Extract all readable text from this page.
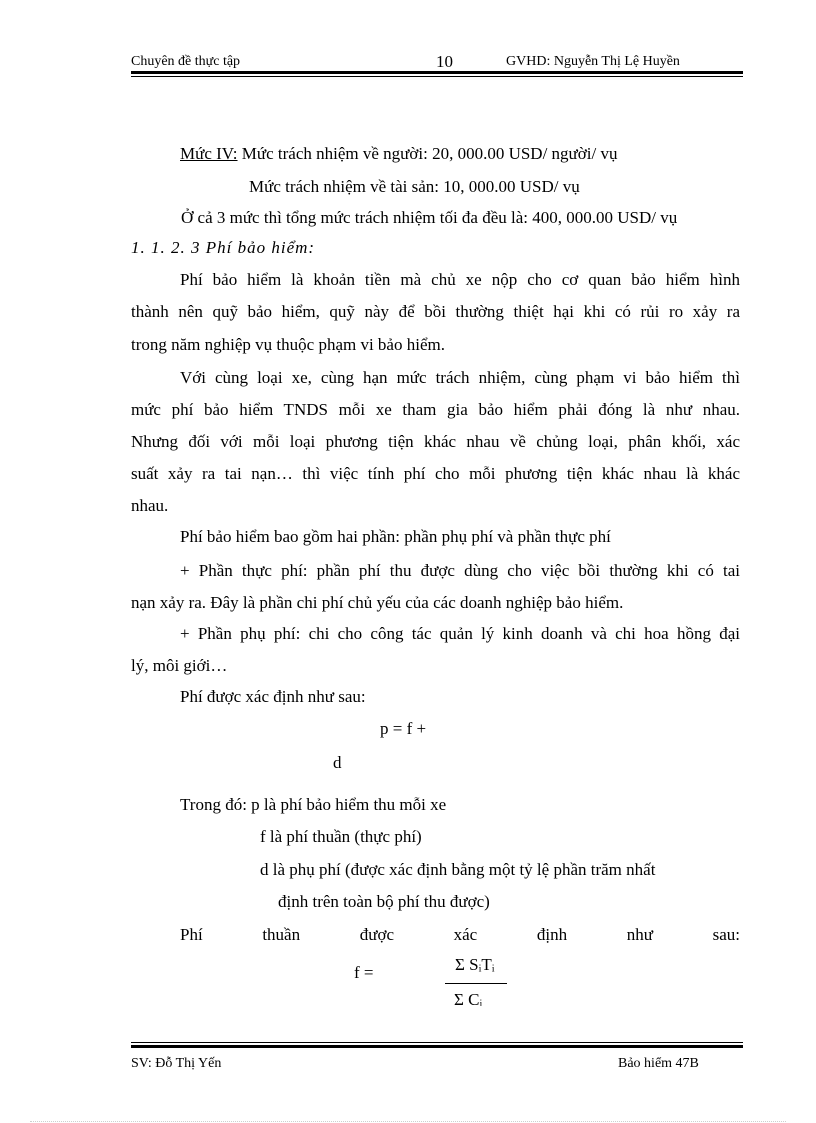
Chuyên đề thực tập	10	GVHD: Nguyễn Thị Lệ Huyền
Mức IV: Mức trách nhiệm về người: 20, 000.00 USD/ người/ vụ
Mức trách nhiệm về tài sản: 10, 000.00 USD/ vụ
Ở cả 3 mức thì tổng mức trách nhiệm tối đa đều là: 400, 000.00 USD/ vụ
1. 1. 2. 3 Phí bảo hiểm:
Phí bảo hiểm là khoản tiền mà chủ xe nộp cho cơ quan bảo hiểm hình
thành nên quỹ bảo hiểm, quỹ này để bồi thường thiệt hại khi có rủi ro xảy ra
trong năm nghiệp vụ thuộc phạm vi bảo hiểm.
Với cùng loại xe, cùng hạn mức trách nhiệm, cùng phạm vi bảo hiểm thì
mức phí bảo hiểm TNDS mỗi xe tham gia bảo hiểm phải đóng là như nhau.
Nhưng đối với mỗi loại phương tiện khác nhau về chủng loại, phân khối, xác
suất xảy ra tai nạn… thì việc tính phí cho mỗi phương tiện khác nhau là khác
nhau.
Phí bảo hiểm bao gồm hai phần: phần phụ phí và phần thực phí
+ Phần thực phí: phần phí thu được dùng cho việc bồi thường khi có tai
nạn xảy ra. Đây là phần chi phí chủ yếu của các doanh nghiệp bảo hiểm.
+ Phần phụ phí: chi cho công tác quản lý kinh doanh và chi hoa hồng đại
lý, môi giới…
Phí được xác định như sau:
p = f +
d
Trong đó: p là phí bảo hiểm thu mỗi xe
f là phí thuần (thực phí)
d là phụ phí (được xác định bằng một tỷ lệ phần trăm nhất
định trên toàn bộ phí thu được)
Phí thuần được xác định như sau:
f =	Σ SᵢTᵢ
Σ Cᵢ
SV: Đỗ Thị Yến	Bảo hiểm 47B
